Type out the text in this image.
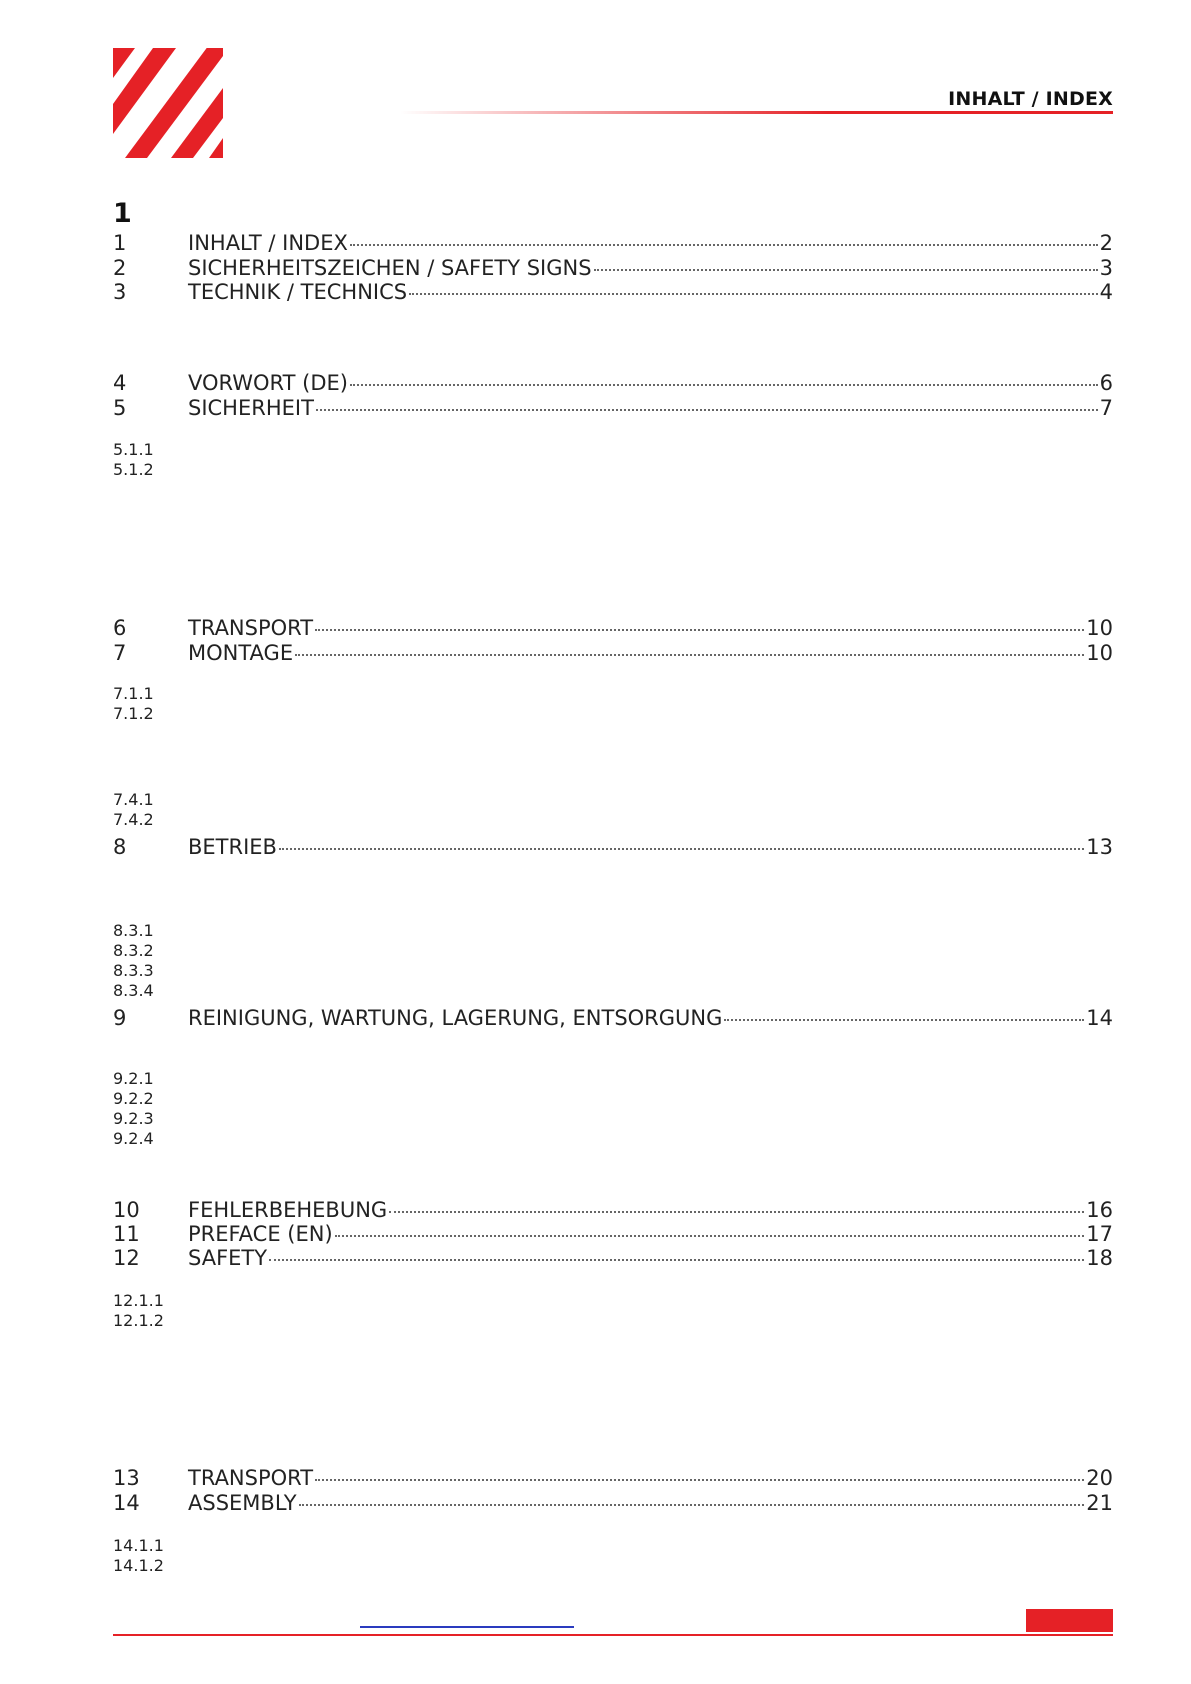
INHALT / INDEX
1
1	INHALT / INDEX	2
2	SICHERHEITSZEICHEN / SAFETY SIGNS	3
3	TECHNIK / TECHNICS	4
4	VORWORT (DE)	6
5	SICHERHEIT	7
6	TRANSPORT	10
7	MONTAGE	10
8	BETRIEB	13
9	REINIGUNG, WARTUNG, LAGERUNG, ENTSORGUNG	14
10	FEHLERBEHEBUNG	16
11	PREFACE (EN)	17
12	SAFETY	18
13	TRANSPORT	20
14	ASSEMBLY	21
5.1.1
5.1.2
7.1.1
7.1.2
7.4.1
7.4.2
8.3.1
8.3.2
8.3.3
8.3.4
9.2.1
9.2.2
9.2.3
9.2.4
12.1.1
12.1.2
14.1.1
14.1.2
